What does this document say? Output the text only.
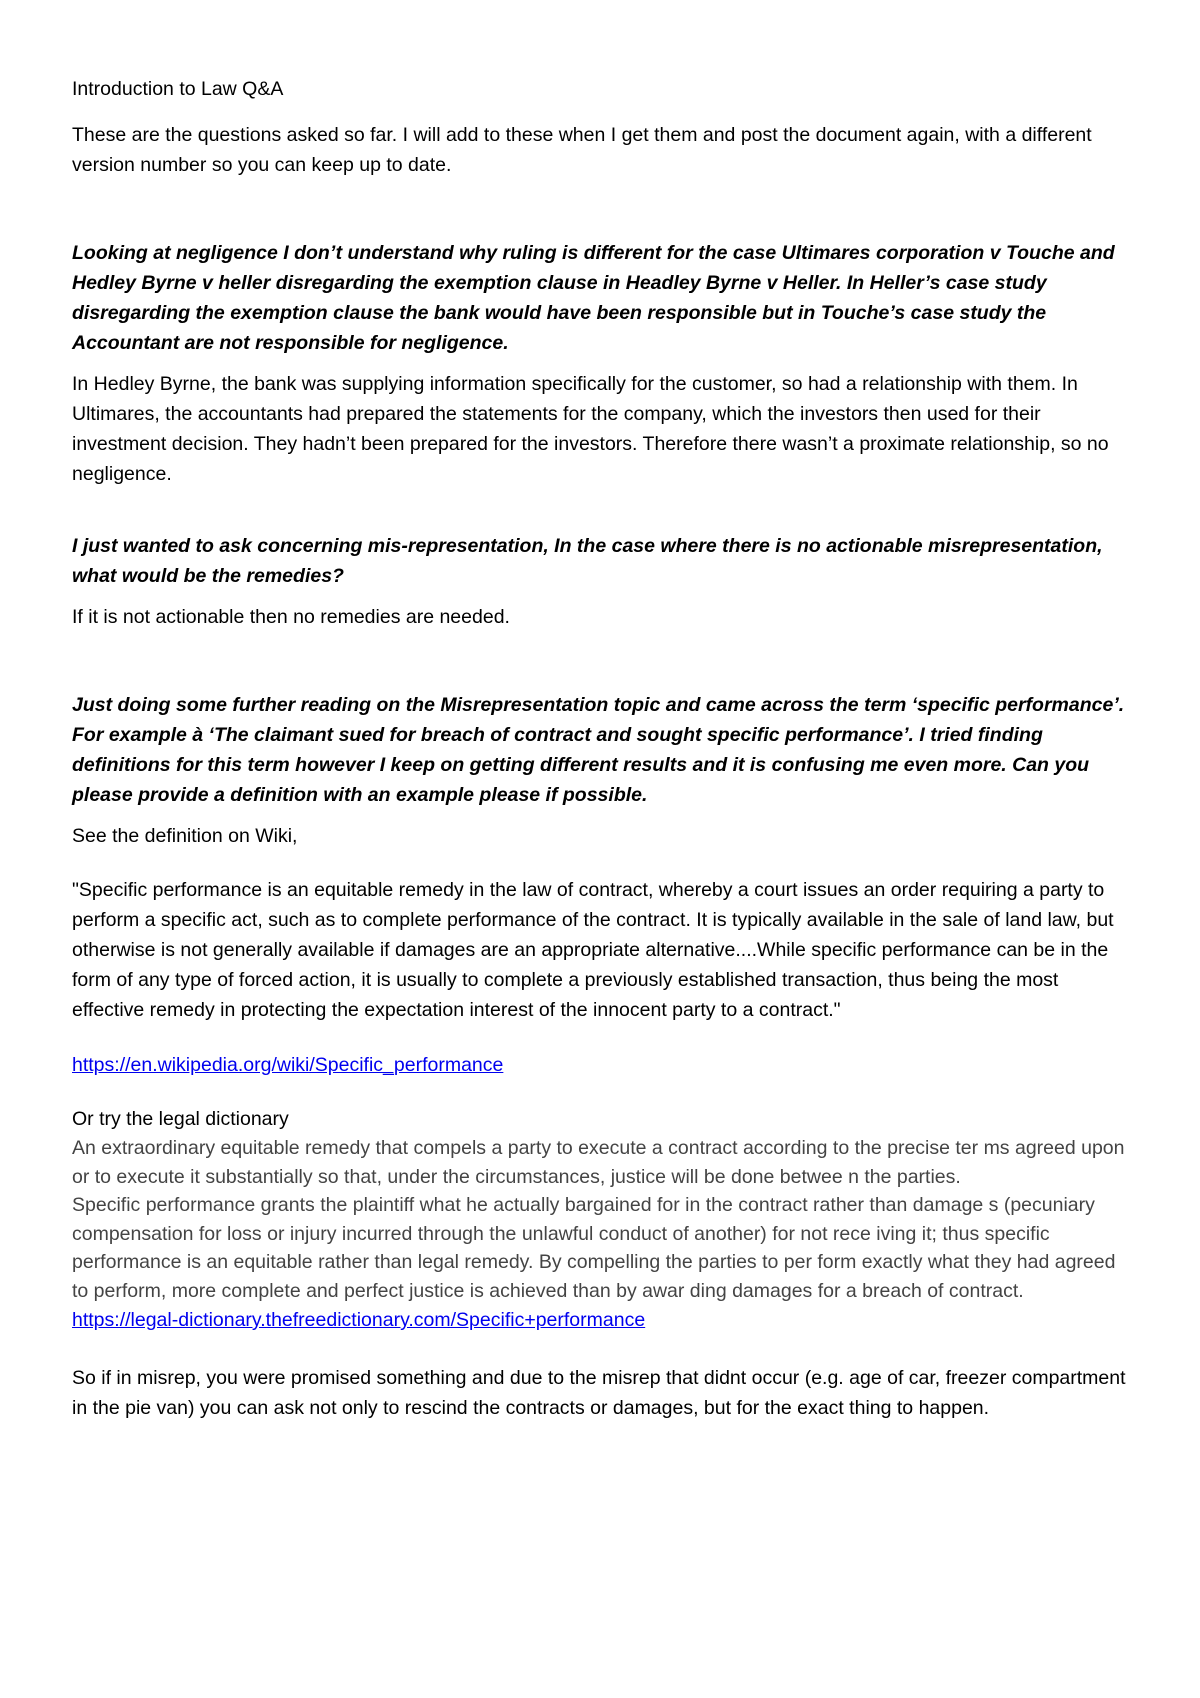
Introduction to Law Q&A

These are the questions asked so far. I will add to these when I get them and post the document again, with a different version number so you can keep up to date.

Looking at negligence I don’t understand why ruling is different for the case Ultimares corporation v Touche and Hedley Byrne v heller disregarding the exemption clause in Headley Byrne v Heller. In Heller’s case study disregarding the exemption clause the bank would have been responsible but in Touche’s case study the Accountant are not responsible for negligence.

In Hedley Byrne, the bank was supplying information specifically for the customer, so had a relationship with them. In Ultimares, the accountants had prepared the statements for the company, which the investors then used for their investment decision. They hadn’t been prepared for the investors. Therefore there wasn’t a proximate relationship, so no negligence.

I just wanted to ask concerning mis-representation, In the case where there is no actionable misrepresentation, what would be the remedies?

If it is not actionable then no remedies are needed.

Just doing some further reading on the Misrepresentation topic and came across the term ‘specific performance’. For example à ‘The claimant sued for breach of contract and sought specific performance’. I tried finding definitions for this term however I keep on getting different results and it is confusing me even more. Can you please provide a definition with an example please if possible.

See the definition on Wiki,

"Specific performance is an equitable remedy in the law of contract, whereby a court issues an order requiring a party to perform a specific act, such as to complete performance of the contract. It is typically available in the sale of land law, but otherwise is not generally available if damages are an appropriate alternative....While specific performance can be in the form of any type of forced action, it is usually to complete a previously established transaction, thus being the most effective remedy in protecting the expectation interest of the innocent party to a contract."

https://en.wikipedia.org/wiki/Specific_performance

Or try the legal dictionary

An extraordinary equitable remedy that compels a party to execute a contract according to the precise ter ms agreed upon or to execute it substantially so that, under the circumstances, justice will be done betwee n the parties.

Specific performance grants the plaintiff what he actually bargained for in the contract rather than damage s (pecuniary compensation for loss or injury incurred through the unlawful conduct of another) for not rece iving it; thus specific performance is an equitable rather than legal remedy. By compelling the parties to per form exactly what they had agreed to perform, more complete and perfect justice is achieved than by awar ding damages for a breach of contract.

https://legal-dictionary.thefreedictionary.com/Specific+performance

So if in misrep, you were promised something and due to the misrep that didnt occur (e.g. age of car, freezer compartment in the pie van) you can ask not only to rescind the contracts or damages, but for the exact thing to happen.
